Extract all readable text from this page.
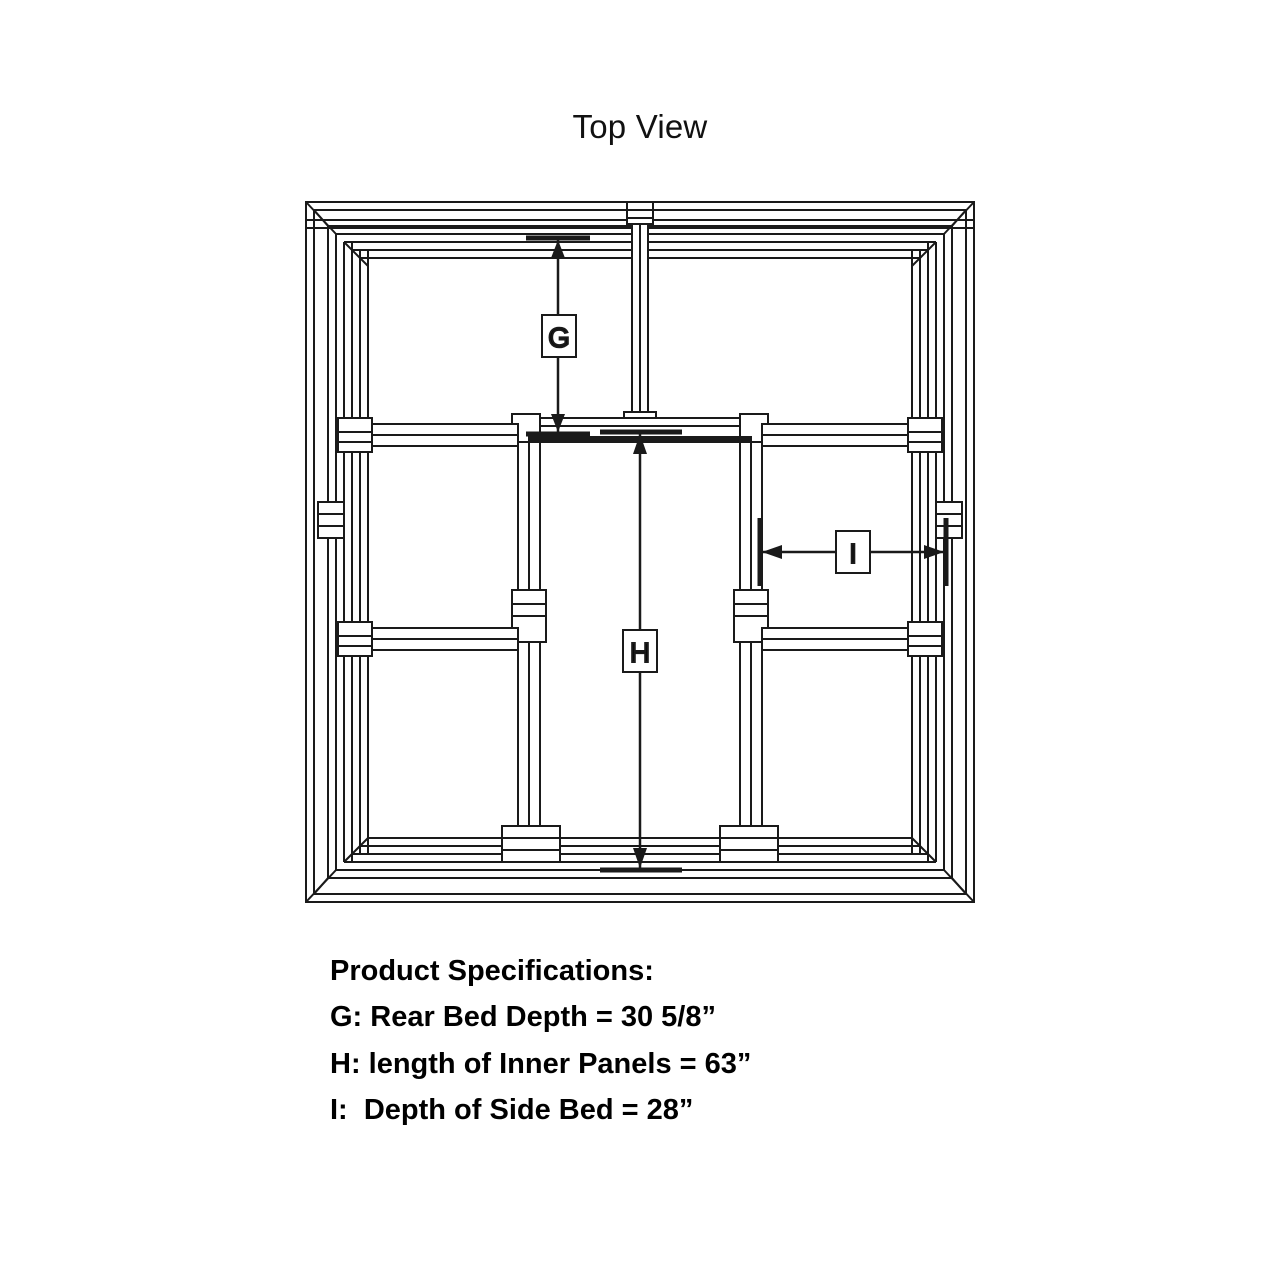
Top View
G
H
I
Product Specifications:
G: Rear Bed Depth = 30 5/8”
H: length of Inner Panels = 63”
I:  Depth of Side Bed = 28”
